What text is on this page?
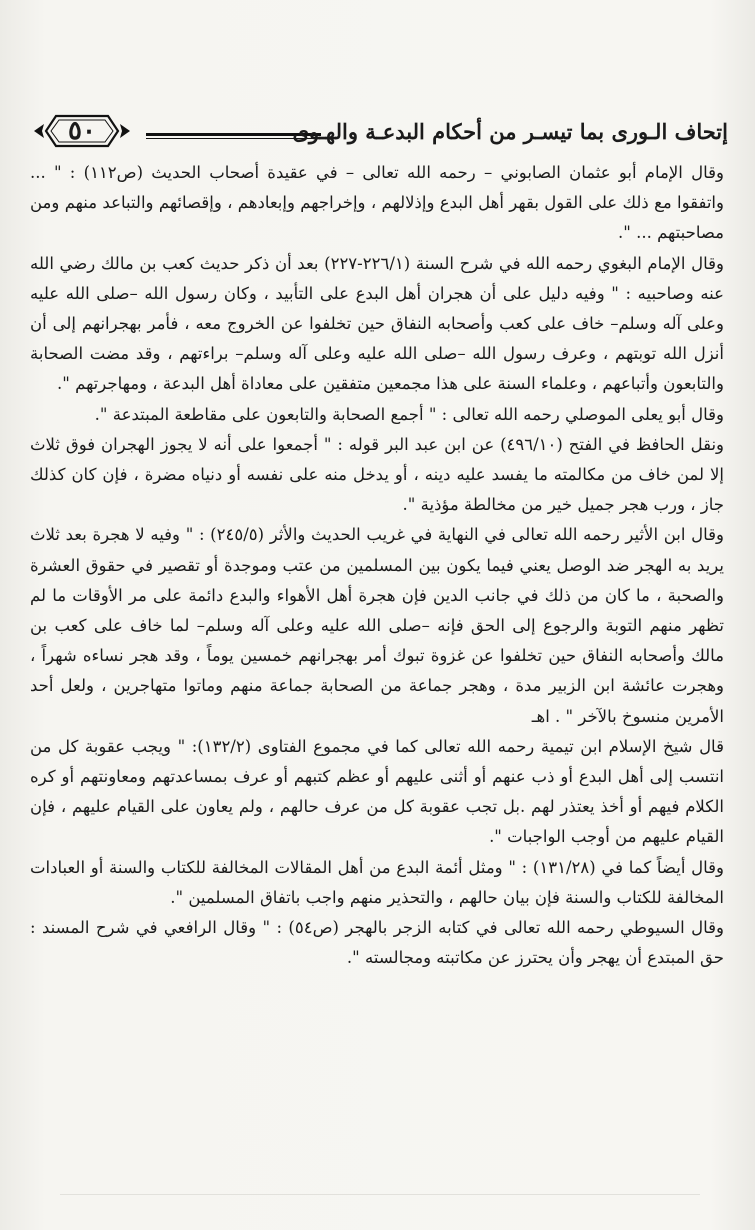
٥٠	إتحاف الـورى بما تيسـر من أحكام البدعـة والهـوى

وقال الإمام أبو عثمان الصابوني – رحمه الله تعالى – في عقيدة أصحاب الحديث (ص١١٢) : " ... واتفقوا مع ذلك على القول بقهر أهل البدع وإذلالهم ، وإخراجهم وإبعادهم ، وإقصائهم والتباعد منهم ومن مصاحبتهم ... ".

وقال الإمام البغوي رحمه الله في شرح السنة (٢٢٦/١-٢٢٧) بعد أن ذكر حديث كعب بن مالك رضي الله عنه وصاحبيه : " وفيه دليل على أن هجران أهل البدع على التأبيد ، وكان رسول الله –صلى الله عليه وعلى آله وسلم– خاف على كعب وأصحابه النفاق حين تخلفوا عن الخروج معه ، فأمر بهجرانهم إلى أن أنزل الله توبتهم ، وعرف رسول الله –صلى الله عليه وعلى آله وسلم– براءتهم ، وقد مضت الصحابة والتابعون وأتباعهم ، وعلماء السنة على هذا مجمعين متفقين على معاداة أهل البدعة ، ومهاجرتهم ".

وقال أبو يعلى الموصلي رحمه الله تعالى : " أجمع الصحابة والتابعون على مقاطعة المبتدعة ".

ونقل الحافظ في الفتح (٤٩٦/١٠) عن ابن عبد البر قوله : " أجمعوا على أنه لا يجوز الهجران فوق ثلاث إلا لمن خاف من مكالمته ما يفسد عليه دينه ، أو يدخل منه على نفسه أو دنياه مضرة ، فإن كان كذلك جاز ، ورب هجر جميل خير من مخالطة مؤذية ".

وقال ابن الأثير رحمه الله تعالى في النهاية في غريب الحديث والأثر (٢٤٥/٥) : " وفيه لا هجرة بعد ثلاث يريد به الهجر ضد الوصل يعني فيما يكون بين المسلمين من عتب وموجدة أو تقصير في حقوق العشرة والصحبة ، ما كان من ذلك في جانب الدين فإن هجرة أهل الأهواء والبدع دائمة على مر الأوقات ما لم تظهر منهم التوبة والرجوع إلى الحق فإنه –صلى الله عليه وعلى آله وسلم– لما خاف على كعب بن مالك وأصحابه النفاق حين تخلفوا عن غزوة تبوك أمر بهجرانهم خمسين يوماً ، وقد هجر نساءه شهراً ، وهجرت عائشة ابن الزبير مدة ، وهجر جماعة من الصحابة جماعة منهم وماتوا متهاجرين ، ولعل أحد الأمرين منسوخ بالآخر " . اهـ

قال شيخ الإسلام ابن تيمية رحمه الله تعالى كما في مجموع الفتاوى (١٣٢/٢): " ويجب عقوبة كل من انتسب إلى أهل البدع أو ذب عنهم أو أثنى عليهم أو عظم كتبهم أو عرف بمساعدتهم ومعاونتهم أو كره الكلام فيهم أو أخذ يعتذر لهم .بل تجب عقوبة كل من عرف حالهم ، ولم يعاون على القيام عليهم ، فإن القيام عليهم من أوجب الواجبات ".

وقال أيضاً كما في (١٣١/٢٨) : " ومثل أئمة البدع من أهل المقالات المخالفة للكتاب والسنة أو العبادات المخالفة للكتاب والسنة فإن بيان حالهم ، والتحذير منهم واجب باتفاق المسلمين ".

وقال السيوطي رحمه الله تعالى في كتابه الزجر بالهجر (ص٥٤) : " وقال الرافعي في شرح المسند : حق المبتدع أن يهجر وأن يحترز عن مكاتبته ومجالسته ".
